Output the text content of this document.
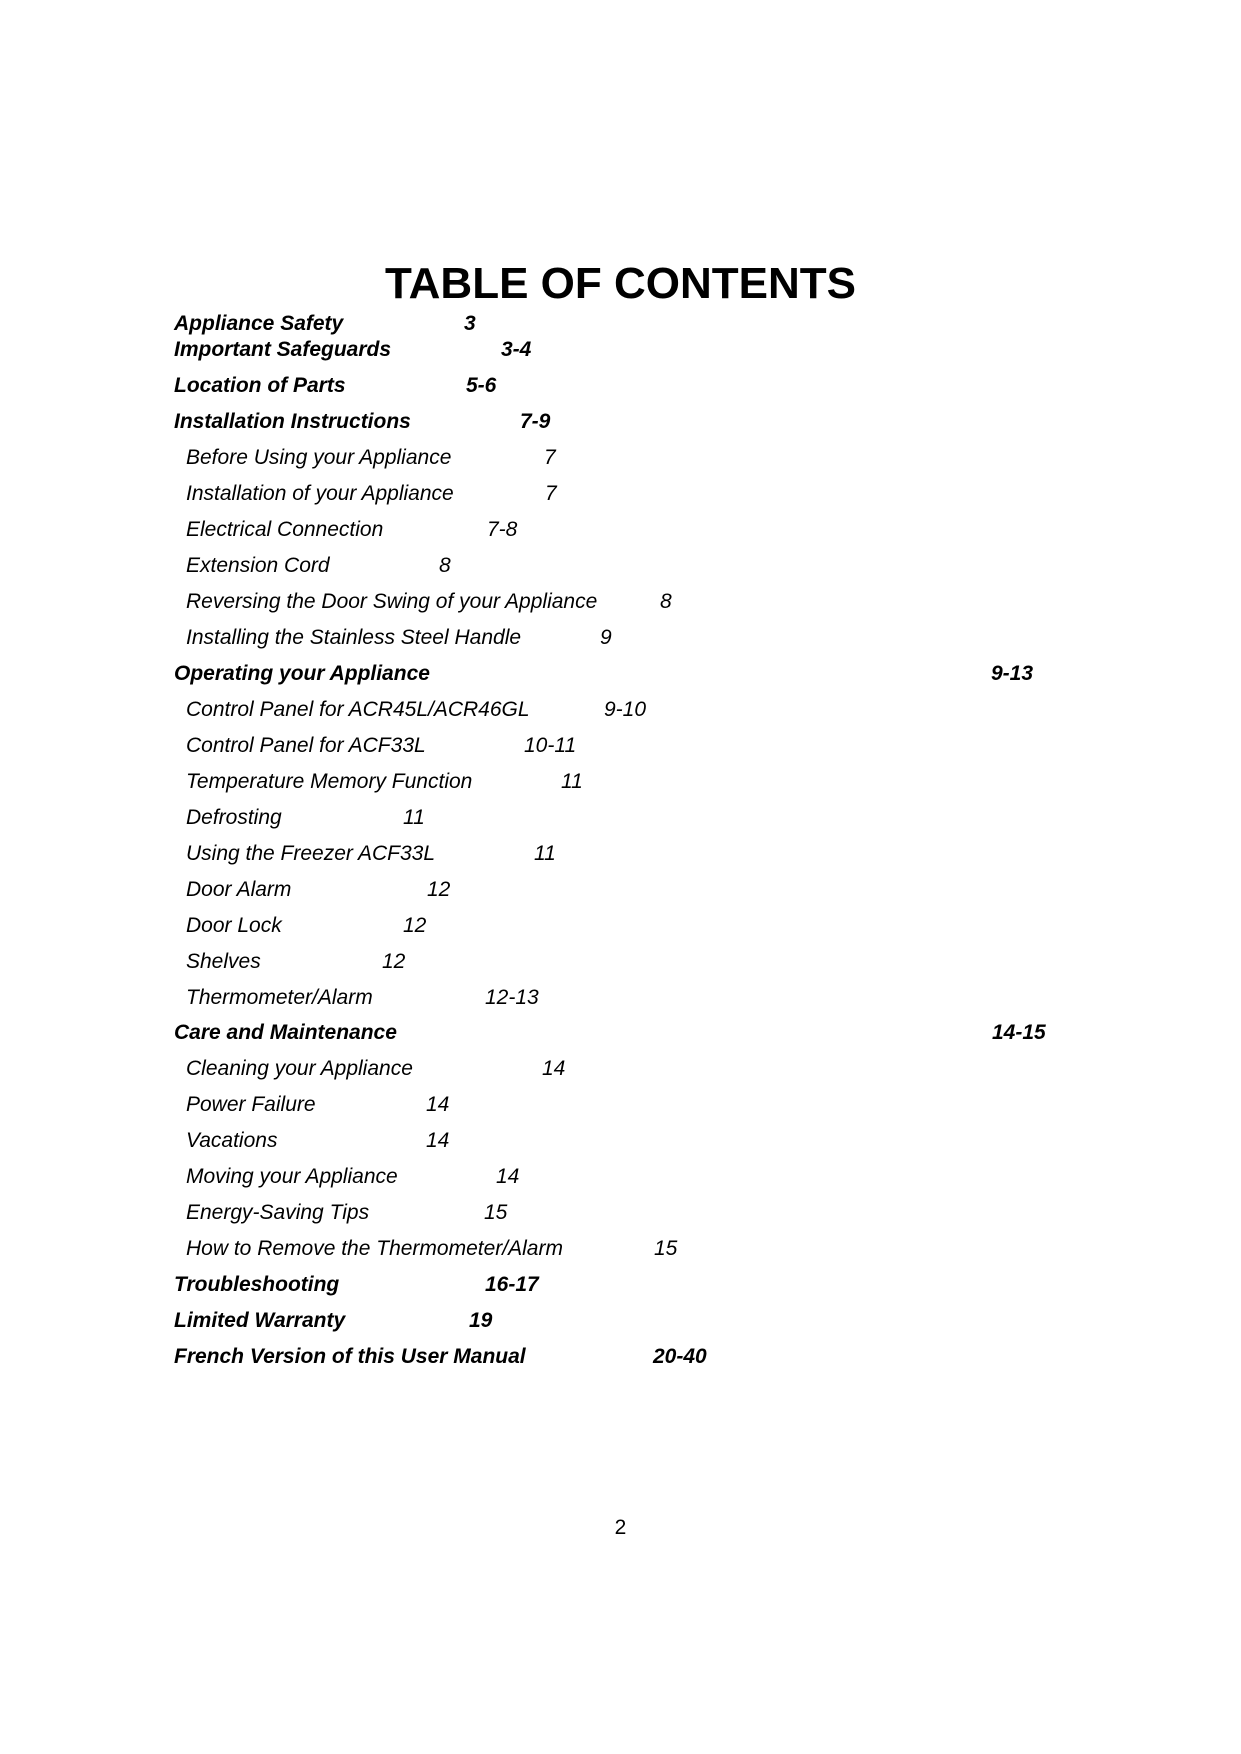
TABLE OF CONTENTS
Appliance Safety	3
Important Safeguards	3-4
Location of Parts	5-6
Installation Instructions	7-9
Before Using your Appliance	7
Installation of your Appliance	7
Electrical Connection	7-8
Extension Cord	8
Reversing the Door Swing of your Appliance	8
Installing the Stainless Steel Handle	9
Operating your Appliance	9-13
Control Panel for ACR45L/ACR46GL	9-10
Control Panel for ACF33L	10-11
Temperature Memory Function	11
Defrosting	11
Using the Freezer ACF33L	11
Door Alarm	12
Door Lock	12
Shelves	12
Thermometer/Alarm	12-13
Care and Maintenance	14-15
Cleaning your Appliance	14
Power Failure	14
Vacations	14
Moving your Appliance	14
Energy-Saving Tips	15
How to Remove the Thermometer/Alarm	15
Troubleshooting	16-17
Limited Warranty	19
French Version of this User Manual	20-40
2
